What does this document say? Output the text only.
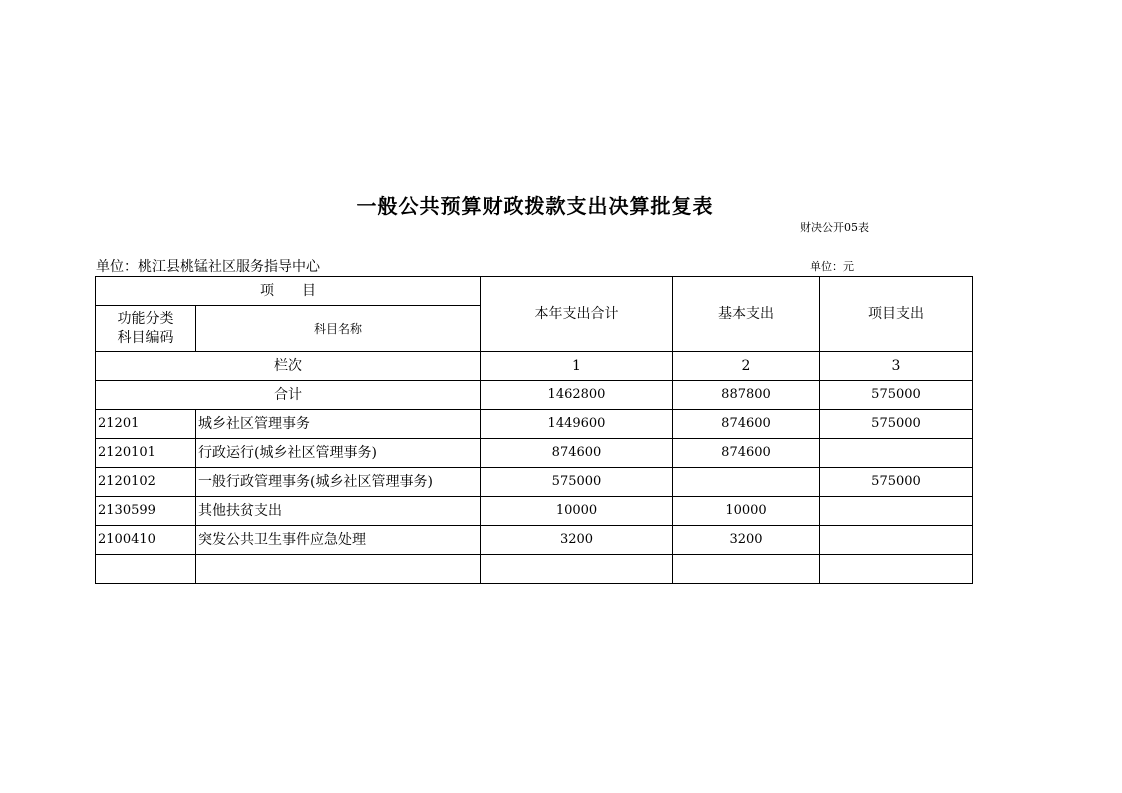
一般公共预算财政拨款支出决算批复表
财决公开05表
单位：桃江县桃锰社区服务指导中心	单位：元
项　　目		本年支出合计	基本支出	项目支出
功能分类
科目编码	科目名称			
栏次		1	2	3
合计		1462800	887800	575000
21201	城乡社区管理事务	1449600	874600	575000
2120101	行政运行(城乡社区管理事务)	874600	874600	
2120102	一般行政管理事务(城乡社区管理事务)	575000		575000
2130599	其他扶贫支出	10000	10000	
2100410	突发公共卫生事件应急处理	3200	3200	
